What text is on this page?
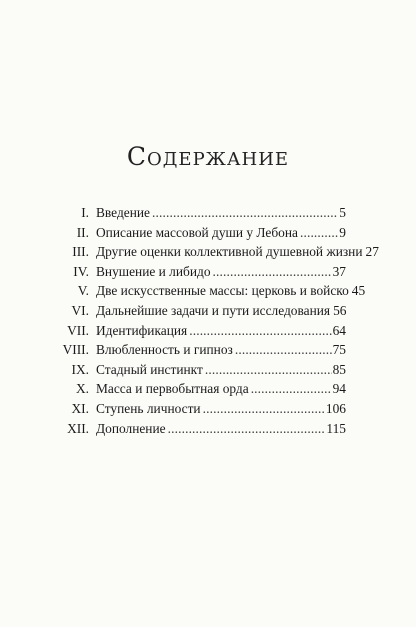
Содержание
I. Введение . . .	5
II. Описание массовой души у Лебона . . .	9
III. Другие оценки коллективной душевной жизни 27
IV. Внушение и либидо . . .	37
V. Две искусственные массы: церковь и войско 45
VI. Дальнейшие задачи и пути исследования 56
VII. Идентификация . . .	64
VIII. Влюбленность и гипноз . . .	75
IX. Стадный инстинкт . . .	85
X. Масса и первобытная орда . . .	94
XI. Ступень личности . . .	106
XII. Дополнение . . .	115
